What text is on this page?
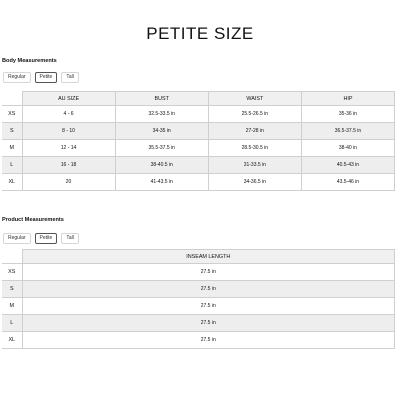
PETITE SIZE
Body Measurements
Regular	Petite	Tall
	AU SIZE	BUST	WAIST	HIP
XS	4 - 6	32.5-33.5 in	25.5-26.5 in	35-36 in
S	8 - 10	34-35 in	27-28 in	36.5-37.5 in
M	12 - 14	35.5-37.5 in	28.5-30.5 in	38-40 in
L	16 - 18	38-40.5 in	31-33.5 in	40.5-43 in
XL	20	41-43.5 in	34-36.5 in	43.5-46 in
Product Measurements
Regular	Petite	Tall
	INSEAM LENGTH
XS	27.5 in
S	27.5 in
M	27.5 in
L	27.5 in
XL	27.5 in
